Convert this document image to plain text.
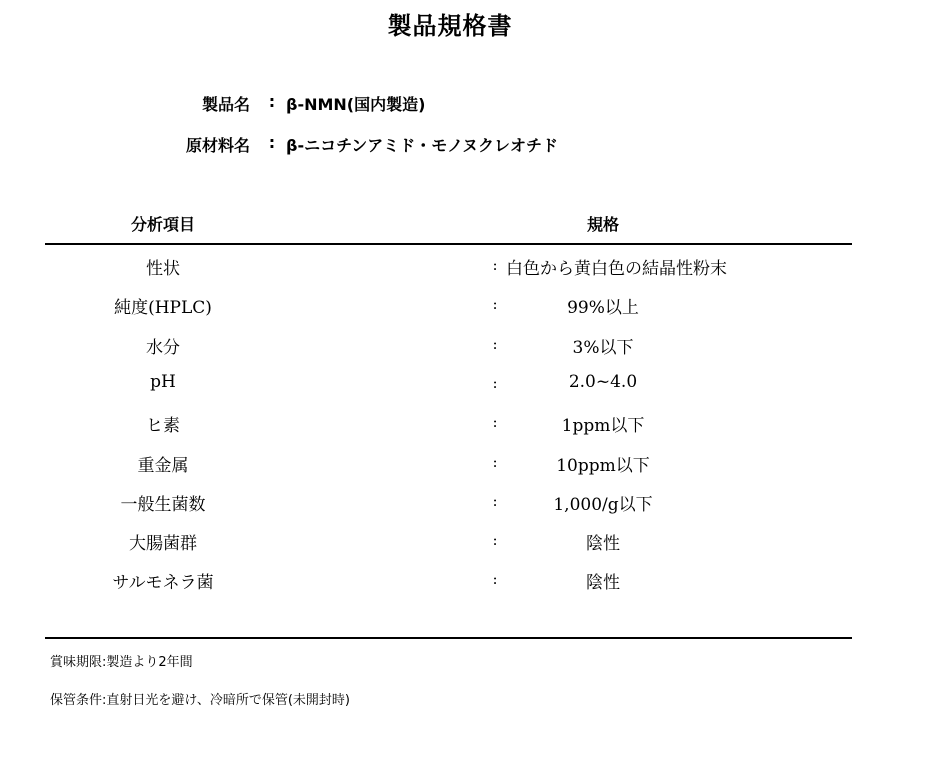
製品規格書
製品名 : β-NMN(国内製造)
原材料名 : β-ニコチンアミド・モノヌクレオチド
分析項目	規格
性状	: 白色から黄白色の結晶性粉末
純度(HPLC)	:	99%以上
水分	:	3%以下
pH	:	2.0~4.0
ヒ素	:	1ppm以下
重金属	:	10ppm以下
一般生菌数	:	1,000/g以下
大腸菌群	:	陰性
サルモネラ菌	:	陰性
賞味期限:製造より2年間
保管条件:直射日光を避け、冷暗所で保管(未開封時)
